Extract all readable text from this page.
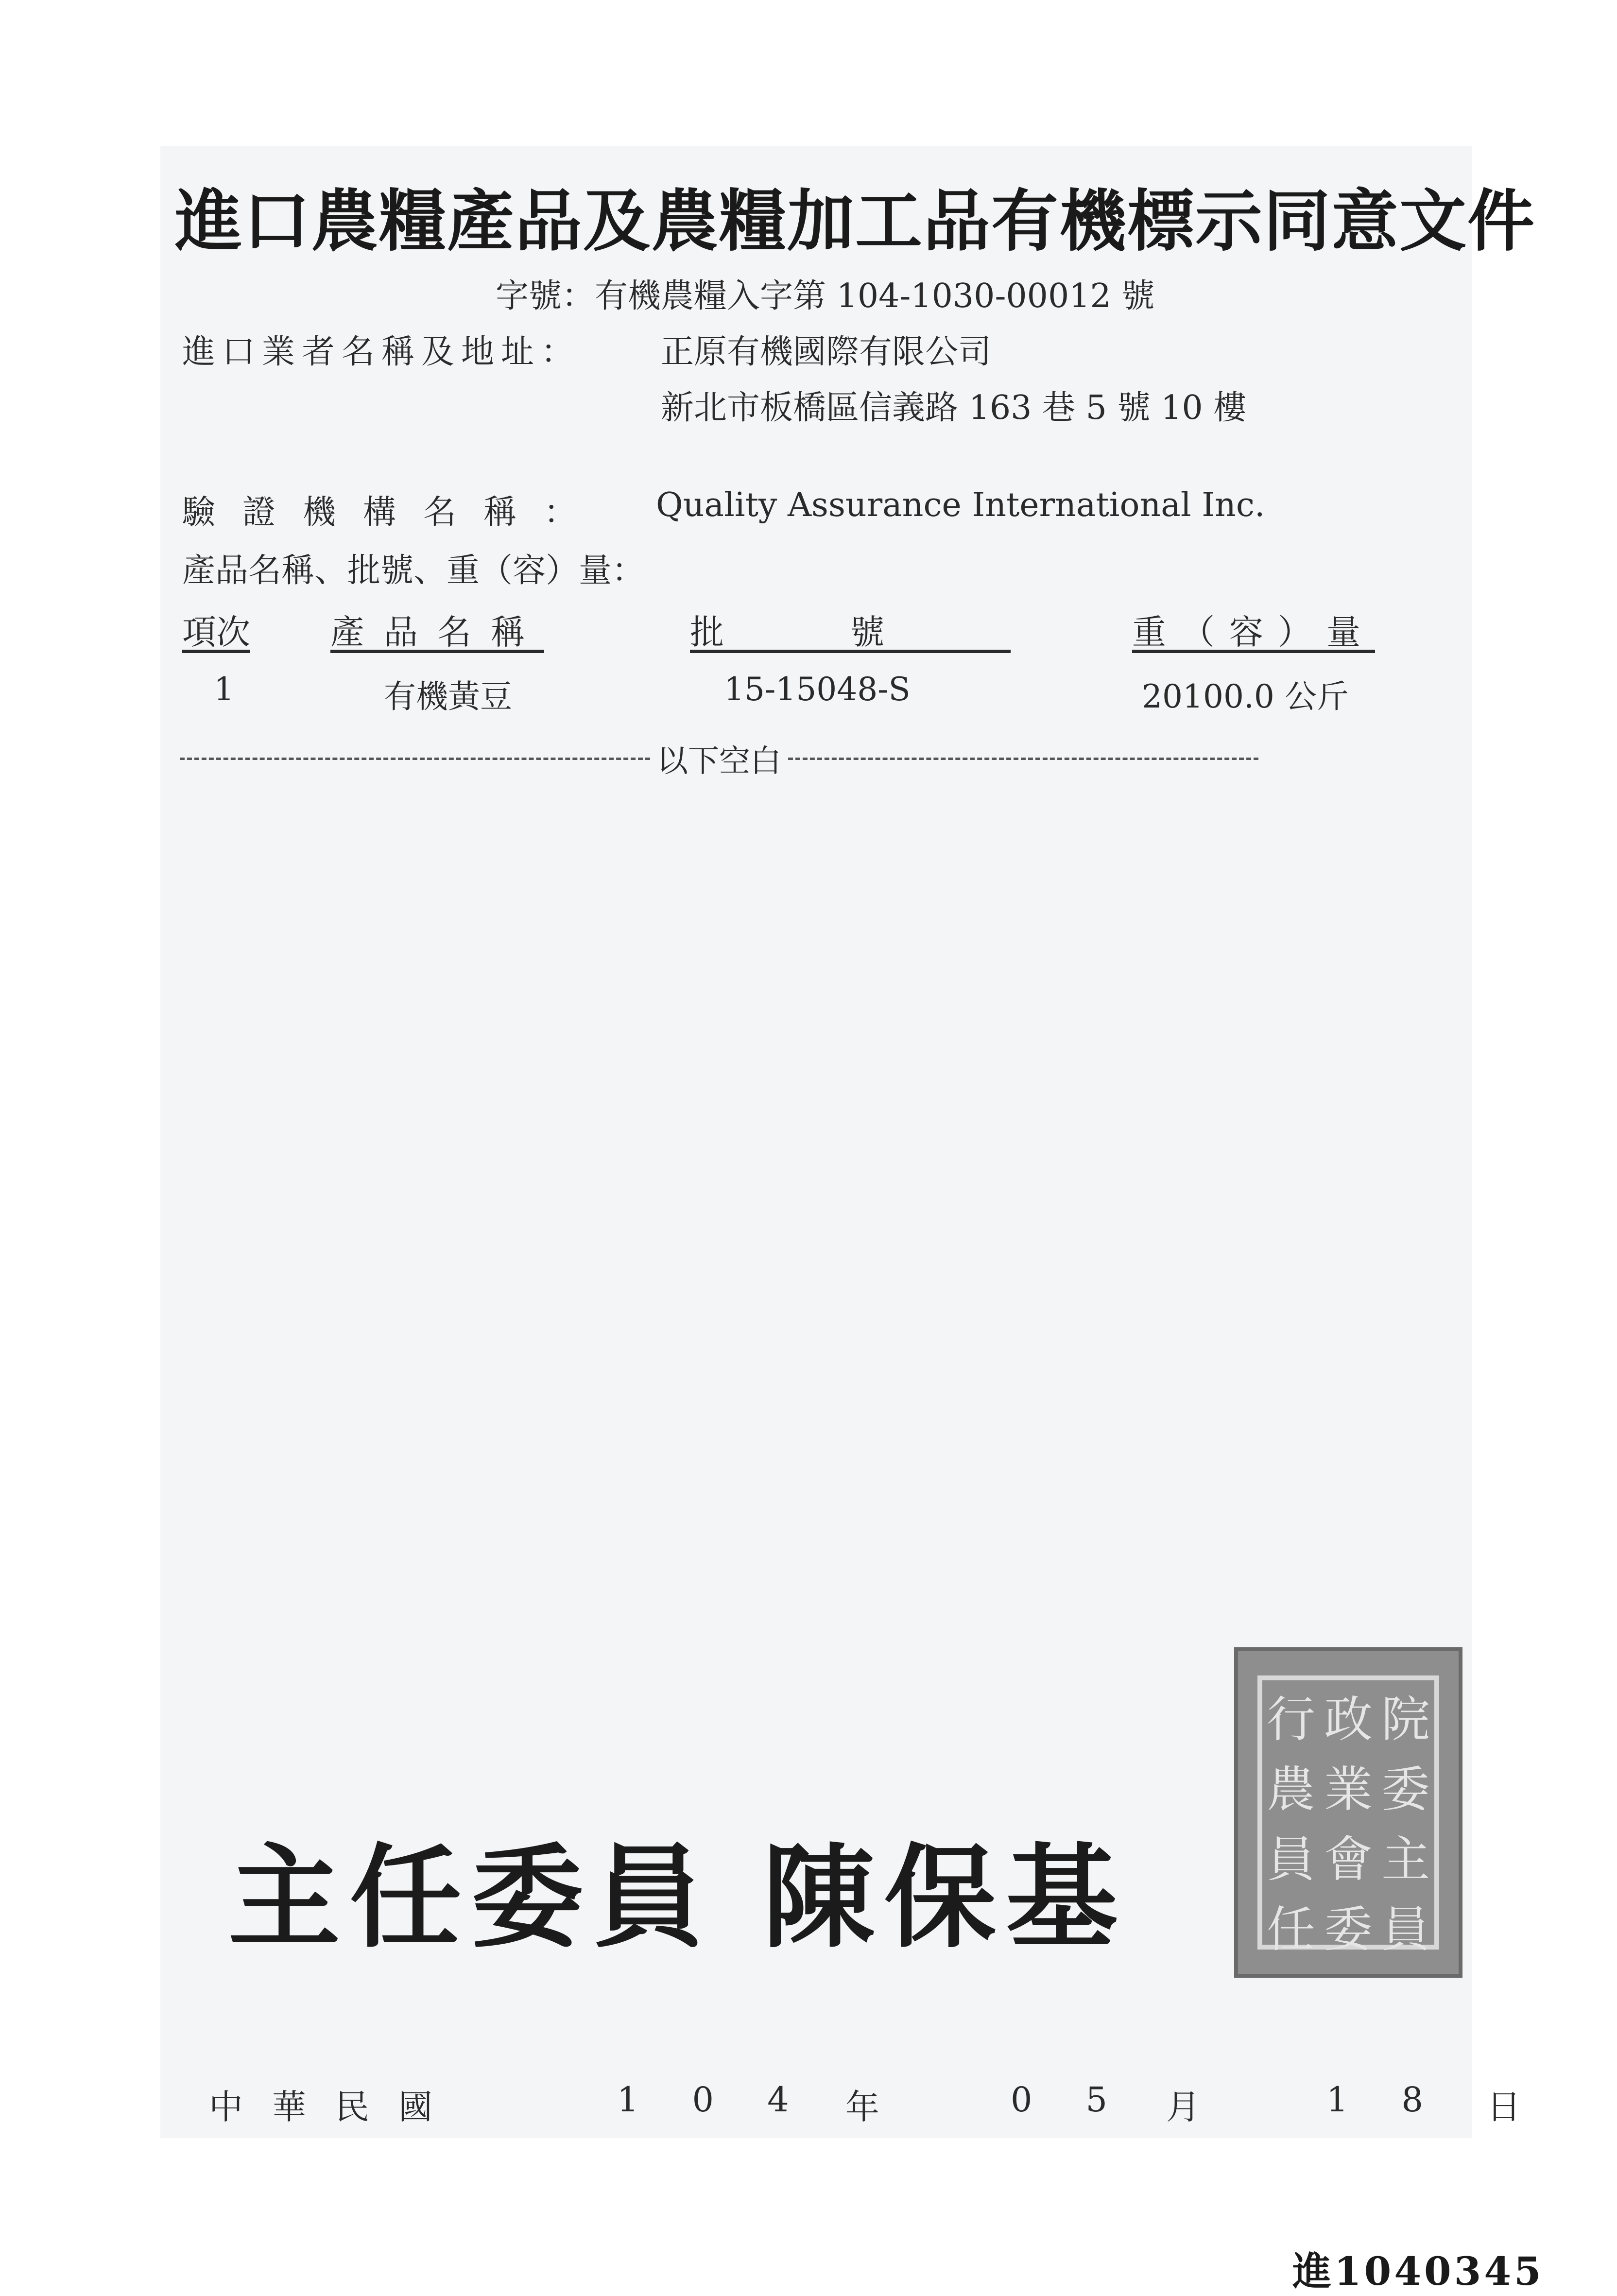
進口農糧產品及農糧加工品有機標示同意文件
字號：有機農糧入字第 104-1030-00012 號
進口業者名稱及地址： 正原有機國際有限公司
新北市板橋區信義路 163 巷 5 號 10 樓
驗證機構名稱： Quality Assurance International Inc.
產品名稱、批號、重（容）量：
項次 產品名稱	批號	重（容）量
1	有機黃豆	15-15048-S	20100.0 公斤
以下空白
主任委員 陳保基
行 政 院
農 業 委
員 會 主
任 委 員
中華民國	104 年	05 月	18 日
進1040345
